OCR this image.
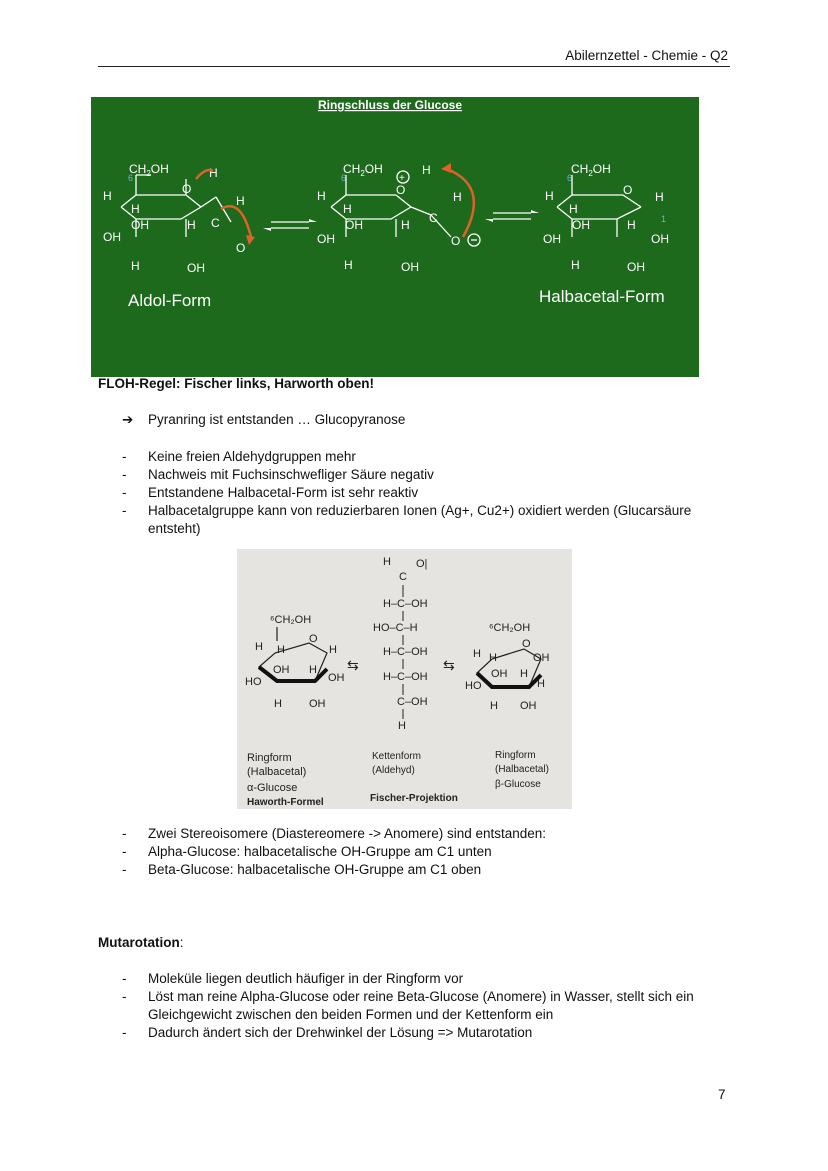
Abilernzettel - Chemie - Q2
Ringschluss der Glucose
$CH_2OH$
6	H
O
H
H
H
OH
OH	H C
O
H	OH
$CH_2OH$
6	+
H
O	H
H
H
OH
OH	H C
O
H	OH
$CH_2OH$
6
O H
H
H
OH
OH	H
OH
1
H	OH
Aldol-Form	Halbacetal-Form
FLOH-Regel: Fischer links, Harworth oben!
➔ Pyranring ist entstanden … Glucopyranose
- Keine freien Aldehydgruppen mehr
- Nachweis mit Fuchsinschwefliger Säure negativ
- Entstandene Halbacetal-Form ist sehr reaktiv
- Halbacetalgruppe kann von reduzierbaren Ionen (Ag+, Cu2+) oxidiert werden (Glucarsäure entsteht)
⁶CH₂OH
O
H H	H
OH H
HO	OH
H OH
⇆	⇆
H
C
O|
H–C–OH
HO–C–H
H–C–OH
H–C–OH
C–OH
H
⁶CH₂OH
O
H H	OH
OH H
HO	H
H OH
Ringform
(Halbacetal)
α-Glucose
Haworth-Formel
Kettenform
(Aldehyd)
Fischer-Projektion
Ringform
(Halbacetal)
β-Glucose
- Zwei Stereoisomere (Diastereomere -> Anomere) sind entstanden:
- Alpha-Glucose: halbacetalische OH-Gruppe am C1 unten
- Beta-Glucose: halbacetalische OH-Gruppe am C1 oben
Mutarotation:
- Moleküle liegen deutlich häufiger in der Ringform vor
- Löst man reine Alpha-Glucose oder reine Beta-Glucose (Anomere) in Wasser, stellt sich ein Gleichgewicht zwischen den beiden Formen und der Kettenform ein
- Dadurch ändert sich der Drehwinkel der Lösung => Mutarotation
7
